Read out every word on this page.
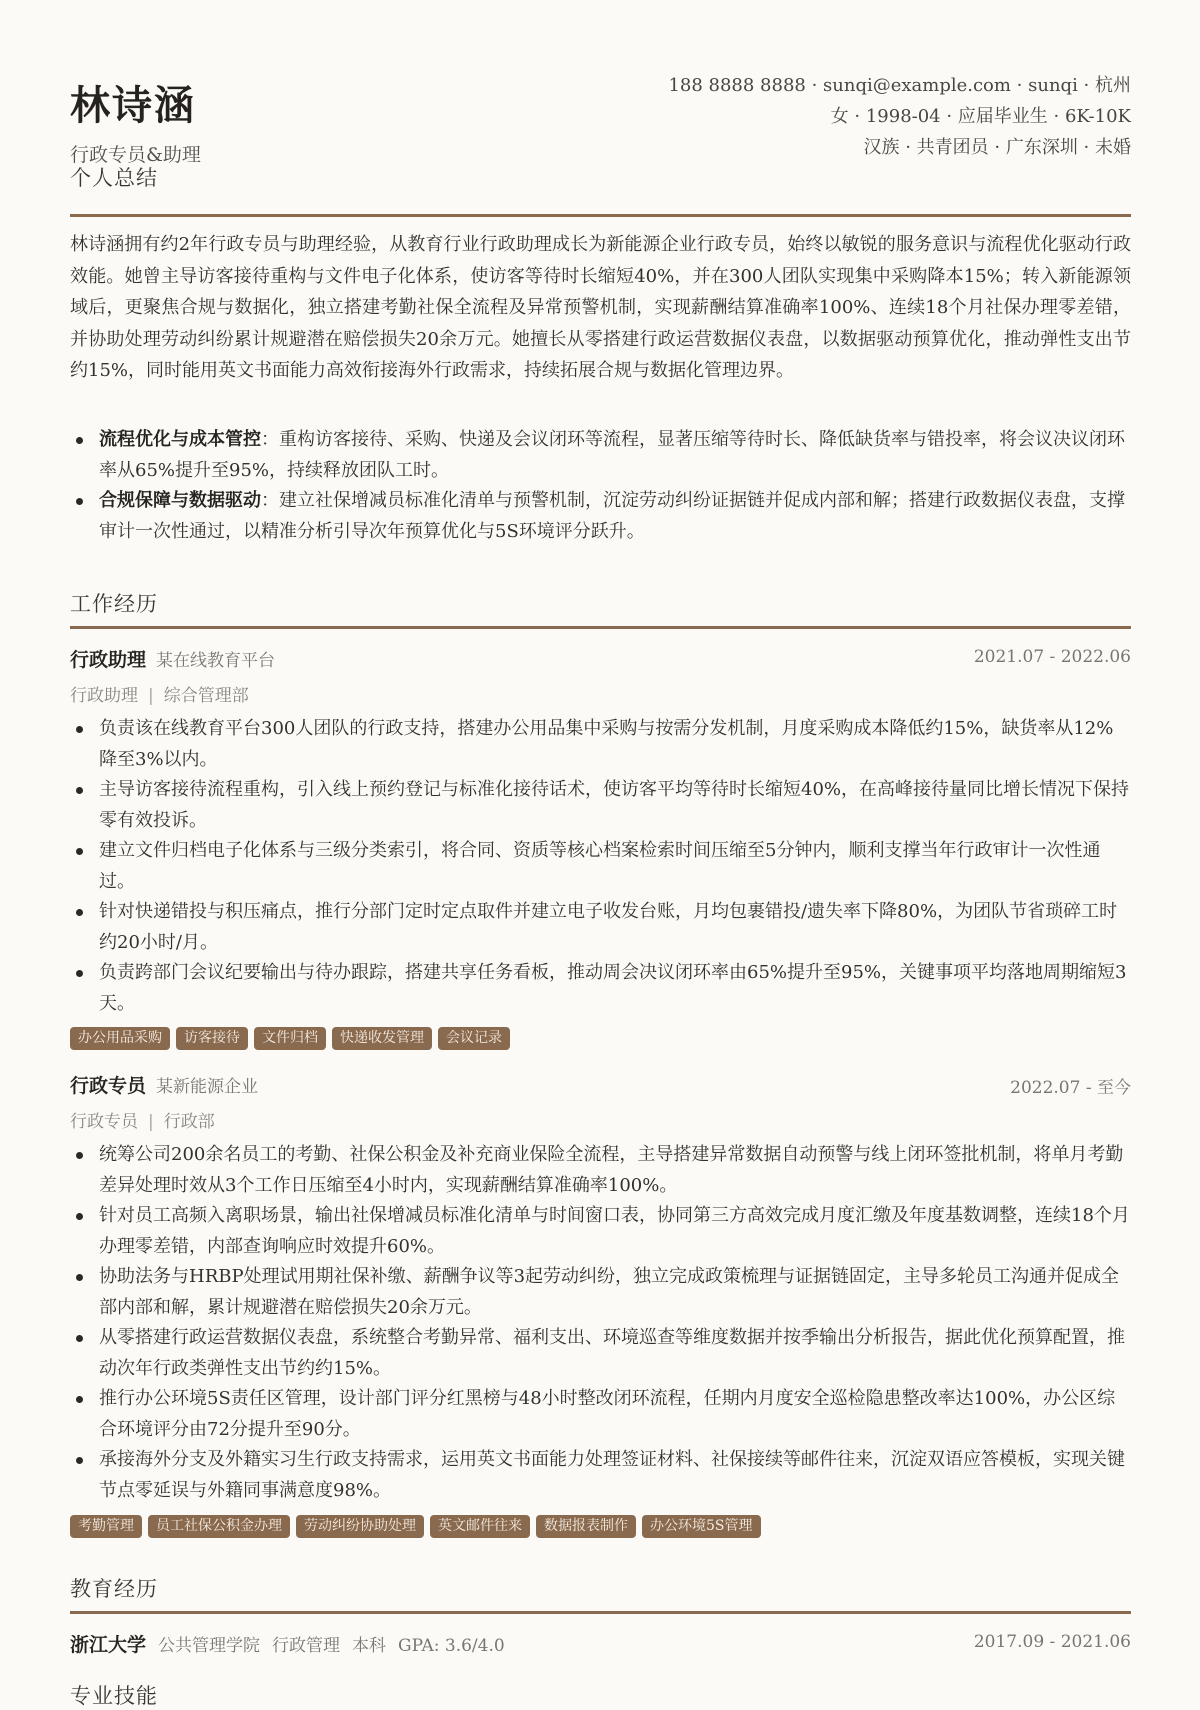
林诗涵
行政专员&助理
188 8888 8888 · sunqi@example.com · sunqi · 杭州
女 · 1998-04 · 应届毕业生 · 6K-10K
汉族 · 共青团员 · 广东深圳 · 未婚
个人总结

林诗涵拥有约2年行政专员与助理经验，从教育行业行政助理成长为新能源企业行政专员，始终以敏锐的服务意识与流程优化驱动行政效能。她曾主导访客接待重构与文件电子化体系，使访客等待时长缩短40%，并在300人团队实现集中采购降本15%；转入新能源领域后，更聚焦合规与数据化，独立搭建考勤社保全流程及异常预警机制，实现薪酬结算准确率100%、连续18个月社保办理零差错，并协助处理劳动纠纷累计规避潜在赔偿损失20余万元。她擅长从零搭建行政运营数据仪表盘，以数据驱动预算优化，推动弹性支出节约15%，同时能用英文书面能力高效衔接海外行政需求，持续拓展合规与数据化管理边界。

流程优化与成本管控：重构访客接待、采购、快递及会议闭环等流程，显著压缩等待时长、降低缺货率与错投率，将会议决议闭环率从65%提升至95%，持续释放团队工时。
合规保障与数据驱动：建立社保增减员标准化清单与预警机制，沉淀劳动纠纷证据链并促成内部和解；搭建行政数据仪表盘，支撑审计一次性通过，以精准分析引导次年预算优化与5S环境评分跃升。
工作经历
行政助理 某在线教育平台	2021.07 - 2022.06
行政助理 | 综合管理部
负责该在线教育平台300人团队的行政支持，搭建办公用品集中采购与按需分发机制，月度采购成本降低约15%，缺货率从12%降至3%以内。
主导访客接待流程重构，引入线上预约登记与标准化接待话术，使访客平均等待时长缩短40%，在高峰接待量同比增长情况下保持零有效投诉。
建立文件归档电子化体系与三级分类索引，将合同、资质等核心档案检索时间压缩至5分钟内，顺利支撑当年行政审计一次性通过。
针对快递错投与积压痛点，推行分部门定时定点取件并建立电子收发台账，月均包裹错投/遗失率下降80%，为团队节省琐碎工时约20小时/月。
负责跨部门会议纪要输出与待办跟踪，搭建共享任务看板，推动周会决议闭环率由65%提升至95%，关键事项平均落地周期缩短3天。
办公用品采购	访客接待	文件归档	快递收发管理	会议记录
行政专员 某新能源企业	2022.07 - 至今
行政专员 | 行政部
统筹公司200余名员工的考勤、社保公积金及补充商业保险全流程，主导搭建异常数据自动预警与线上闭环签批机制，将单月考勤差异处理时效从3个工作日压缩至4小时内，实现薪酬结算准确率100%。
针对员工高频入离职场景，输出社保增减员标准化清单与时间窗口表，协同第三方高效完成月度汇缴及年度基数调整，连续18个月办理零差错，内部查询响应时效提升60%。
协助法务与HRBP处理试用期社保补缴、薪酬争议等3起劳动纠纷，独立完成政策梳理与证据链固定，主导多轮员工沟通并促成全部内部和解，累计规避潜在赔偿损失20余万元。
从零搭建行政运营数据仪表盘，系统整合考勤异常、福利支出、环境巡查等维度数据并按季输出分析报告，据此优化预算配置，推动次年行政类弹性支出节约约15%。
推行办公环境5S责任区管理，设计部门评分红黑榜与48小时整改闭环流程，任期内月度安全巡检隐患整改率达100%，办公区综合环境评分由72分提升至90分。
承接海外分支及外籍实习生行政支持需求，运用英文书面能力处理签证材料、社保接续等邮件往来，沉淀双语应答模板，实现关键节点零延误与外籍同事满意度98%。
考勤管理	员工社保公积金办理	劳动纠纷协助处理	英文邮件往来	数据报表制作	办公环境5S管理
教育经历
浙江大学 公共管理学院 行政管理 本科 GPA: 3.6/4.0	2017.09 - 2021.06
专业技能
